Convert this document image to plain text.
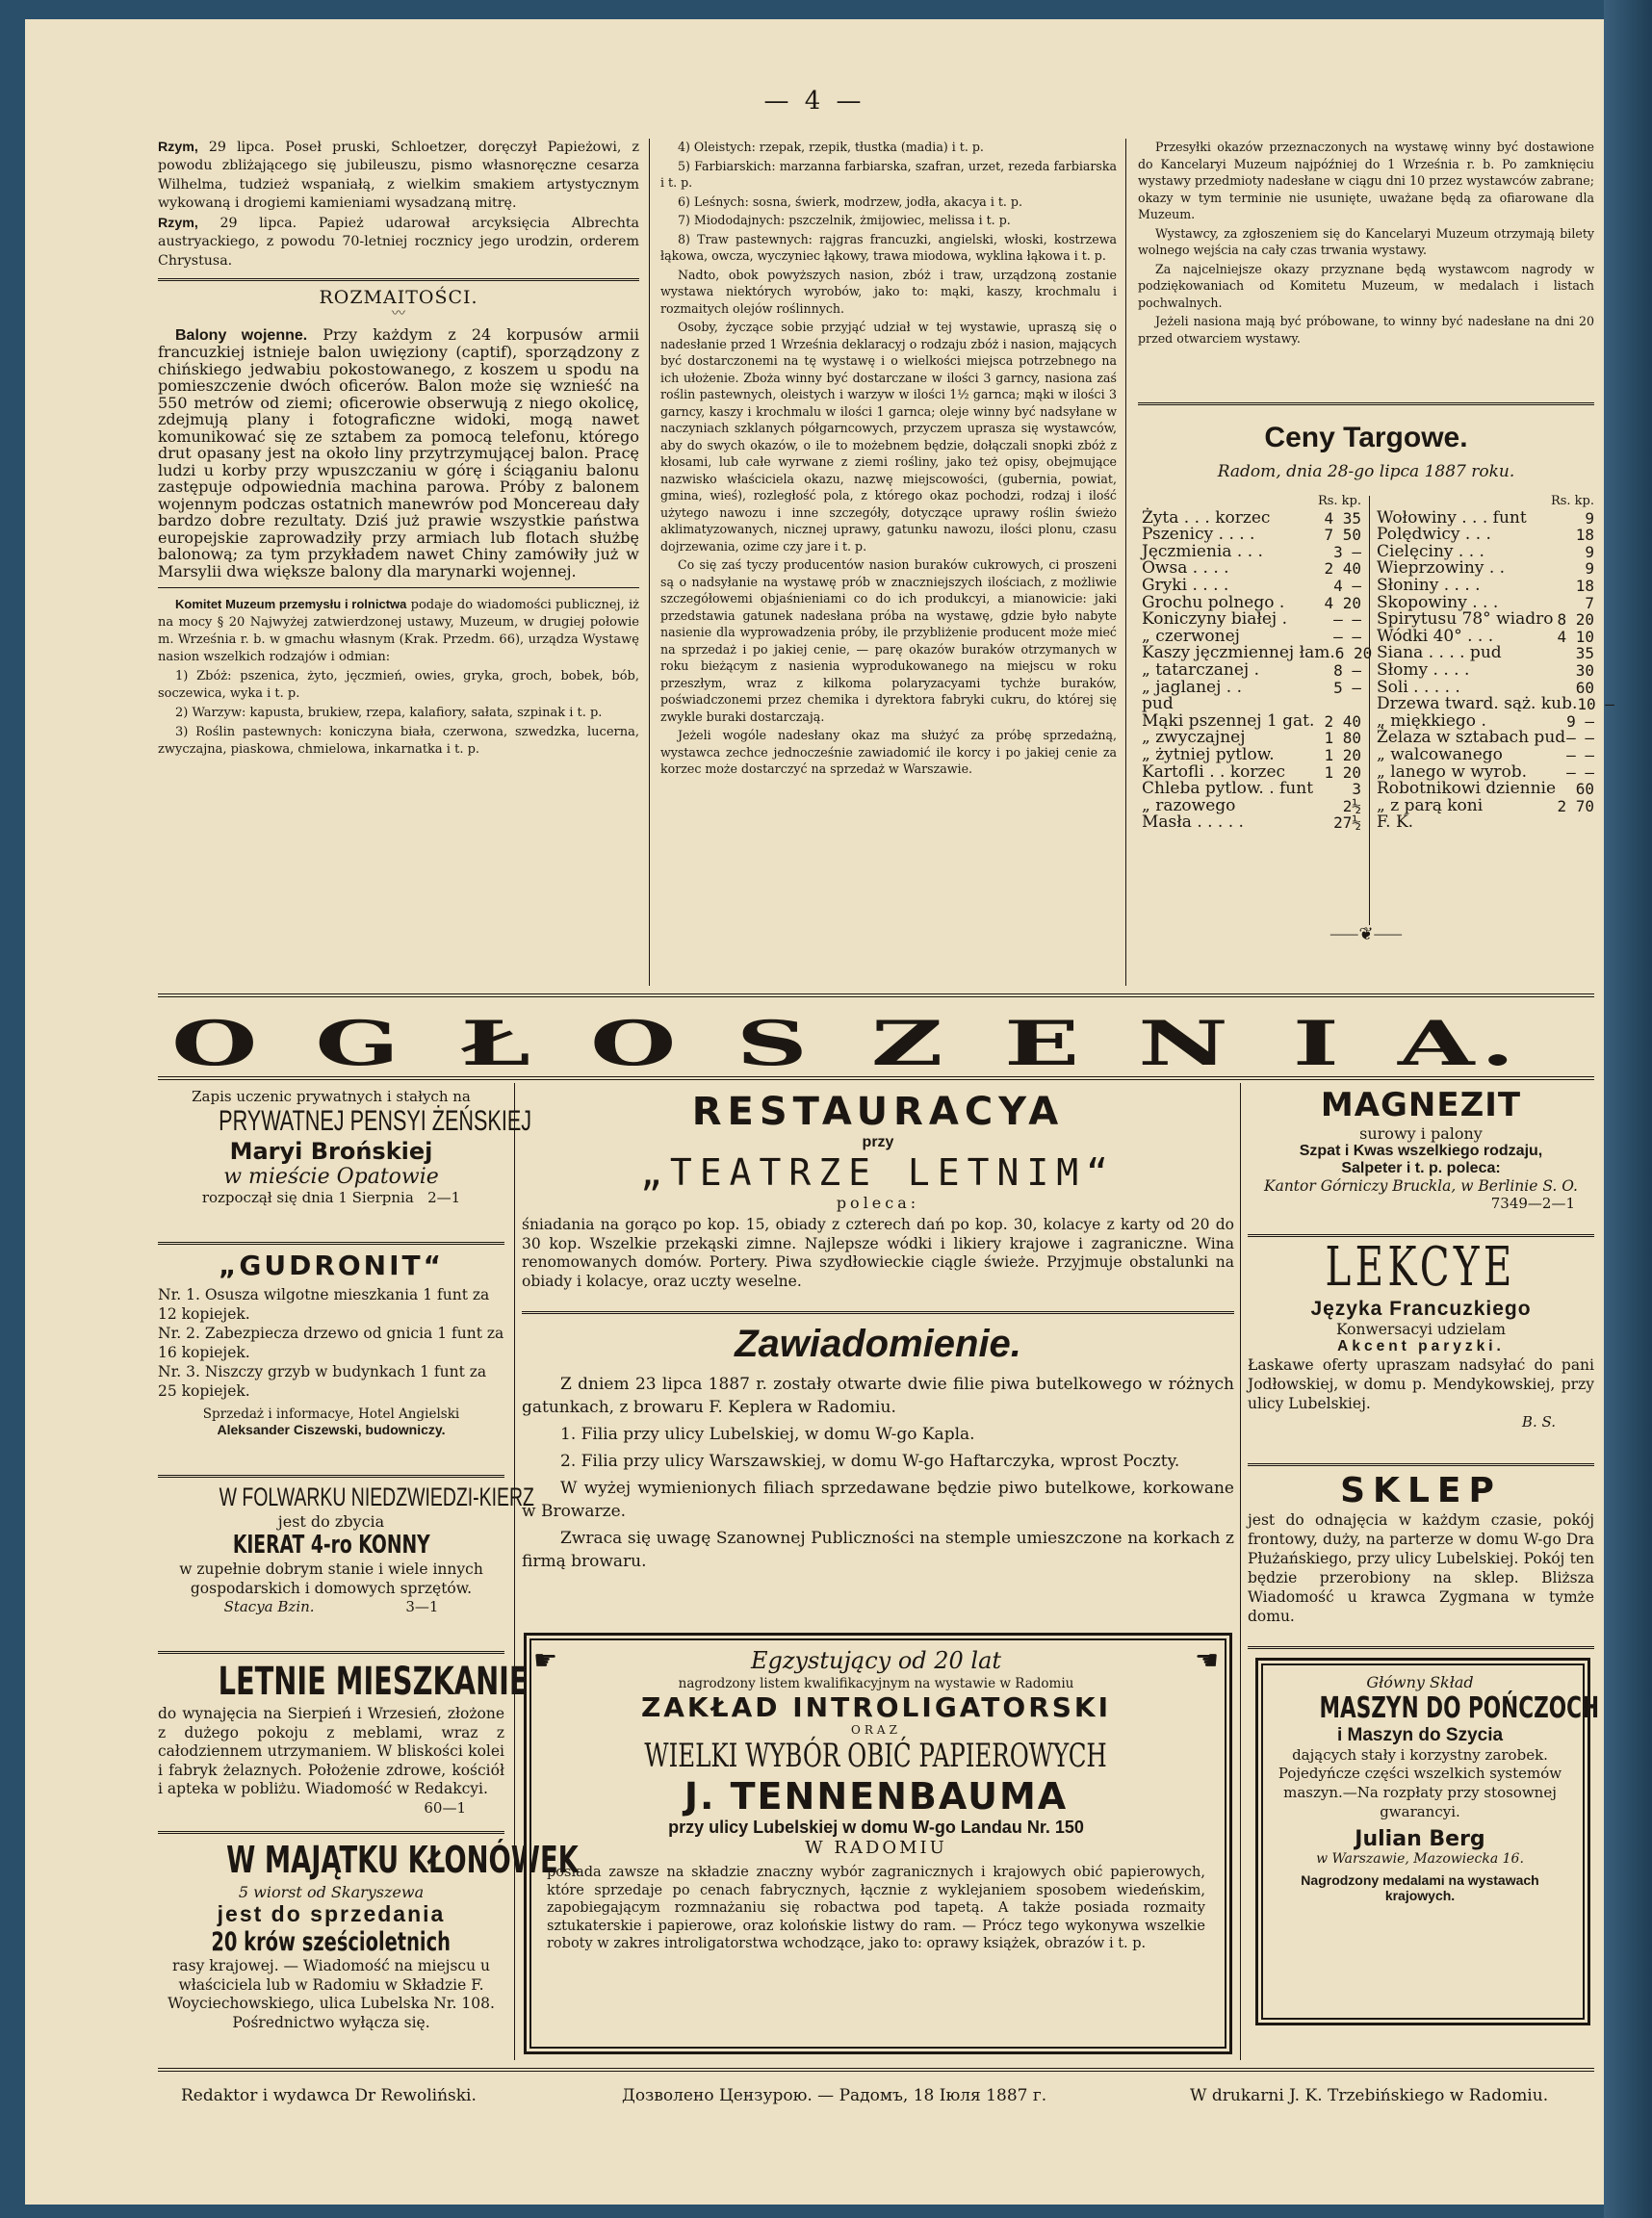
— 4 —

Rzym, 29 lipca. Poseł pruski, Schloetzer, doręczył Papieżowi, z powodu zbliżającego się jubileuszu, pismo własnoręczne cesarza Wilhelma, tudzież wspaniałą, z wielkim smakiem artystycznym wykowaną i drogiemi kamieniami wysadzaną mitrę.

Rzym, 29 lipca. Papież udarował arcyksięcia Albrechta austryackiego, z powodu 70-letniej rocznicy jego urodzin, orderem Chrystusa.

ROZMAITOŚCI.

〰

Balony wojenne. Przy każdym z 24 korpusów armii francuzkiej istnieje balon uwięziony (captif), sporządzony z chińskiego jedwabiu pokostowanego, z koszem u spodu na pomieszczenie dwóch oficerów. Balon może się wznieść na 550 metrów od ziemi; oficerowie obserwują z niego okolicę, zdejmują plany i fotograficzne widoki, mogą nawet komunikować się ze sztabem za pomocą telefonu, którego drut opasany jest na około liny przytrzymującej balon. Pracę ludzi u korby przy wpuszczaniu w górę i ściąganiu balonu zastępuje odpowiednia machina parowa. Próby z balonem wojennym podczas ostatnich manewrów pod Moncereau dały bardzo dobre rezultaty. Dziś już prawie wszystkie państwa europejskie zaprowadziły przy armiach lub flotach służbę balonową; za tym przykładem nawet Chiny zamówiły już w Marsylii dwa większe balony dla marynarki wojennej.

Komitet Muzeum przemysłu i rolnictwa podaje do wiadomości publicznej, iż na mocy § 20 Najwyżej zatwierdzonej ustawy, Muzeum, w drugiej połowie m. Września r. b. w gmachu własnym (Krak. Przedm. 66), urządza Wystawę nasion wszelkich rodzajów i odmian:

1) Zbóż: pszenica, żyto, jęczmień, owies, gryka, groch, bobek, bób, soczewica, wyka i t. p.

2) Warzyw: kapusta, brukiew, rzepa, kalafiory, sałata, szpinak i t. p.

3) Roślin pastewnych: koniczyna biała, czerwona, szwedzka, lucerna, zwyczajna, piaskowa, chmielowa, inkarnatka i t. p.

4) Oleistych: rzepak, rzepik, tłustka (madia) i t. p.

5) Farbiarskich: marzanna farbiarska, szafran, urzet, rezeda farbiarska i t. p.

6) Leśnych: sosna, świerk, modrzew, jodła, akacya i t. p.

7) Miododajnych: pszczelnik, żmijowiec, melissa i t. p.

8) Traw pastewnych: rajgras francuzki, angielski, włoski, kostrzewa łąkowa, owcza, wyczyniec łąkowy, trawa miodowa, wyklina łąkowa i t. p.

Nadto, obok powyższych nasion, zbóż i traw, urządzoną zostanie wystawa niektórych wyrobów, jako to: mąki, kaszy, krochmalu i rozmaitych olejów roślinnych.

Osoby, życzące sobie przyjąć udział w tej wystawie, upraszą się o nadesłanie przed 1 Września deklaracyj o rodzaju zbóż i nasion, mających być dostarczonemi na tę wystawę i o wielkości miejsca potrzebnego na ich ułożenie. Zboża winny być dostarczane w ilości 3 garncy, nasiona zaś roślin pastewnych, oleistych i warzyw w ilości 1½ garnca; mąki w ilości 3 garncy, kaszy i krochmalu w ilości 1 garnca; oleje winny być nadsyłane w naczyniach szklanych półgarncowych, przyczem uprasza się wystawców, aby do swych okazów, o ile to możebnem będzie, dołączali snopki zbóż z kłosami, lub całe wyrwane z ziemi rośliny, jako też opisy, obejmujące nazwisko właściciela okazu, nazwę miejscowości, (gubernia, powiat, gmina, wieś), rozległość pola, z którego okaz pochodzi, rodzaj i ilość użytego nawozu i inne szczegóły, dotyczące uprawy roślin świeżo aklimatyzowanych, nicznej uprawy, gatunku nawozu, ilości plonu, czasu dojrzewania, ozime czy jare i t. p.

Co się zaś tyczy producentów nasion buraków cukrowych, ci proszeni są o nadsyłanie na wystawę prób w znaczniejszych ilościach, z możliwie szczegółowemi objaśnieniami co do ich produkcyi, a mianowicie: jaki przedstawia gatunek nadesłana próba na wystawę, gdzie było nabyte nasienie dla wyprowadzenia próby, ile przybliżenie producent może mieć na sprzedaż i po jakiej cenie, — parę okazów buraków otrzymanych w roku bieżącym z nasienia wyprodukowanego na miejscu w roku przeszłym, wraz z kilkoma polaryzacyami tychże buraków, poświadczonemi przez chemika i dyrektora fabryki cukru, do której się zwykle buraki dostarczają.

Jeżeli wogóle nadesłany okaz ma służyć za próbę sprzedażną, wystawca zechce jednocześnie zawiadomić ile korcy i po jakiej cenie za korzec może dostarczyć na sprzedaż w Warszawie.

Przesyłki okazów przeznaczonych na wystawę winny być dostawione do Kancelaryi Muzeum najpóźniej do 1 Września r. b. Po zamknięciu wystawy przedmioty nadesłane w ciągu dni 10 przez wystawców zabrane; okazy w tym terminie nie usunięte, uważane będą za ofiarowane dla Muzeum.

Wystawcy, za zgłoszeniem się do Kancelaryi Muzeum otrzymają bilety wolnego wejścia na cały czas trwania wystawy.

Za najcelniejsze okazy przyznane będą wystawcom nagrody w podziękowaniach od Komitetu Muzeum, w medalach i listach pochwalnych.

Jeżeli nasiona mają być próbowane, to winny być nadesłane na dni 20 przed otwarciem wystawy.

Ceny Targowe.
Radom, dnia 28-go lipca 1887 roku.
Rs. kp.
Żyta . . . korzec	4 35
Pszenicy . . . .	7 50
Jęczmienia . . .	3 —
Owsa . . . .	2 40
Gryki . . . .	4 —
Grochu polnego .	4 20
Koniczyny białej .	— —
„ czerwonej	— —
Kaszy jęczmiennej łam. 6 20
„ tatarczanej .	8 —
„ jaglanej . .	5 —
pud
Mąki pszennej 1 gat. 2 40
„ zwyczajnej	1 80
„ żytniej pytlow.	1 20
Kartofli . . korzec	1 20
Chleba pytlow. . funt	3
„ razowego	2½
Masła . . . . .	27½
Rs. kp.
Wołowiny . . . funt	9
Polędwicy . . .	18
Cielęciny . . .	9
Wieprzowiny . .	9
Słoniny . . . .	18
Skopowiny . . .	7
Spirytusu 78° wiadro 8 20
Wódki 40° . . .	4 10
Siana . . . . pud	35
Słomy . . . .	30
Soli . . . . .	60
Drzewa tward. sąż. kub. 10 —
„ miękkiego .	9 —
Żelaza w sztabach pud — —
„ walcowanego	— —
„ lanego w wyrob.	— —
Robotnikowi dziennie 60
„ z parą koni	2 70
F. K.
⸺❦⸺
O G Ł O S Z E N I A.
Zapis uczenic prywatnych i stałych na
PRYWATNEJ PENSYI ŻEŃSKIEJ
Maryi Brońskiej
w mieście Opatowie
rozpoczął się dnia 1 Sierpnia 2—1
„GUDRONIT“
Nr. 1. Osusza wilgotne mieszkania 1 funt za 12 kopiejek.
Nr. 2. Zabezpiecza drzewo od gnicia 1 funt za 16 kopiejek.
Nr. 3. Niszczy grzyb w budynkach 1 funt za 25 kopiejek.
Sprzedaż i informacye, Hotel Angielski
Aleksander Ciszewski, budowniczy.
W FOLWARKU NIEDZWIEDZI-KIERZ
jest do zbycia
KIERAT 4-ro KONNY
w zupełnie dobrym stanie i wiele innych gospodarskich i domowych sprzętów.
Stacya Bzin.	3—1
LETNIE MIESZKANIE
do wynajęcia na Sierpień i Wrzesień, złożone z dużego pokoju z meblami, wraz z całodziennem utrzymaniem. W bliskości kolei i fabryk żelaznych. Położenie zdrowe, kościół i apteka w pobliżu. Wiadomość w Redakcyi.
60—1
W MAJĄTKU KŁONÓWEK
5 wiorst od Skaryszewa
jest do sprzedania
20 krów sześcioletnich
rasy krajowej. — Wiadomość na miejscu u właściciela lub w Radomiu w Składzie F. Woyciechowskiego, ulica Lubelska Nr. 108. Pośrednictwo wyłącza się.
RESTAURACYA
przy
„TEATRZE LETNIM“
poleca:
śniadania na gorąco po kop. 15, obiady z czterech dań po kop. 30, kolacye z karty od 20 do 30 kop. Wszelkie przekąski zimne. Najlepsze wódki i likiery krajowe i zagraniczne. Wina renomowanych domów. Portery. Piwa szydłowieckie ciągle świeże. Przyjmuje obstalunki na obiady i kolacye, oraz uczty weselne.
Zawiadomienie.

Z dniem 23 lipca 1887 r. zostały otwarte dwie filie piwa butelkowego w różnych gatunkach, z browaru F. Keplera w Radomiu.

1. Filia przy ulicy Lubelskiej, w domu W-go Kapla.

2. Filia przy ulicy Warszawskiej, w domu W-go Haftarczyka, wprost Poczty.

W wyżej wymienionych filiach sprzedawane będzie piwo butelkowe, korkowane w Browarze.

Zwraca się uwagę Szanownej Publiczności na stemple umieszczone na korkach z firmą browaru.

☛	Egzystujący od 20 lat	☛
nagrodzony listem kwalifikacyjnym na wystawie w Radomiu
ZAKŁAD INTROLIGATORSKI
ORAZ
WIELKI WYBÓR OBIĆ PAPIEROWYCH
J. TENNENBAUMA
przy ulicy Lubelskiej w domu W-go Landau Nr. 150
W RADOMIU
posiada zawsze na składzie znaczny wybór zagranicznych i krajowych obić papierowych, które sprzedaje po cenach fabrycznych, łącznie z wyklejaniem sposobem wiedeńskim, zapobiegającym rozmnażaniu się robactwa pod tapetą. A także posiada rozmaity sztukaterskie i papierowe, oraz kolońskie listwy do ram. — Prócz tego wykonywa wszelkie roboty w zakres introligatorstwa wchodzące, jako to: oprawy książek, obrazów i t. p.
MAGNEZIT
surowy i palony
Szpat i Kwas wszelkiego rodzaju,
Salpeter i t. p. poleca:
Kantor Górniczy Bruckla, w Berlinie S. O.
7349—2—1
LEKCYE
Języka Francuzkiego
Konwersacyi udzielam
Akcent paryzki.
Łaskawe oferty upraszam nadsyłać do pani Jodłowskiej, w domu p. Mendykowskiej, przy ulicy Lubelskiej.
B. S.
SKLEP
jest do odnajęcia w każdym czasie, pokój frontowy, duży, na parterze w domu W-go Dra Płużańskiego, przy ulicy Lubelskiej. Pokój ten będzie przerobiony na sklep. Bliższa Wiadomość u krawca Zygmana w tymże domu.
Główny Skład
MASZYN DO POŃCZOCH
i Maszyn do Szycia
dających stały i korzystny zarobek.
Pojedyńcze części wszelkich systemów maszyn.—Na rozpłaty przy stosownej gwarancyi.
Julian Berg
w Warszawie, Mazowiecka 16.
Nagrodzony medalami na wystawach krajowych.
Redaktor i wydawca Dr Rewoliński.	Дозволено Цензурою. — Радомъ, 18 Іюля 1887 г.	W drukarni J. K. Trzebińskiego w Radomiu.
